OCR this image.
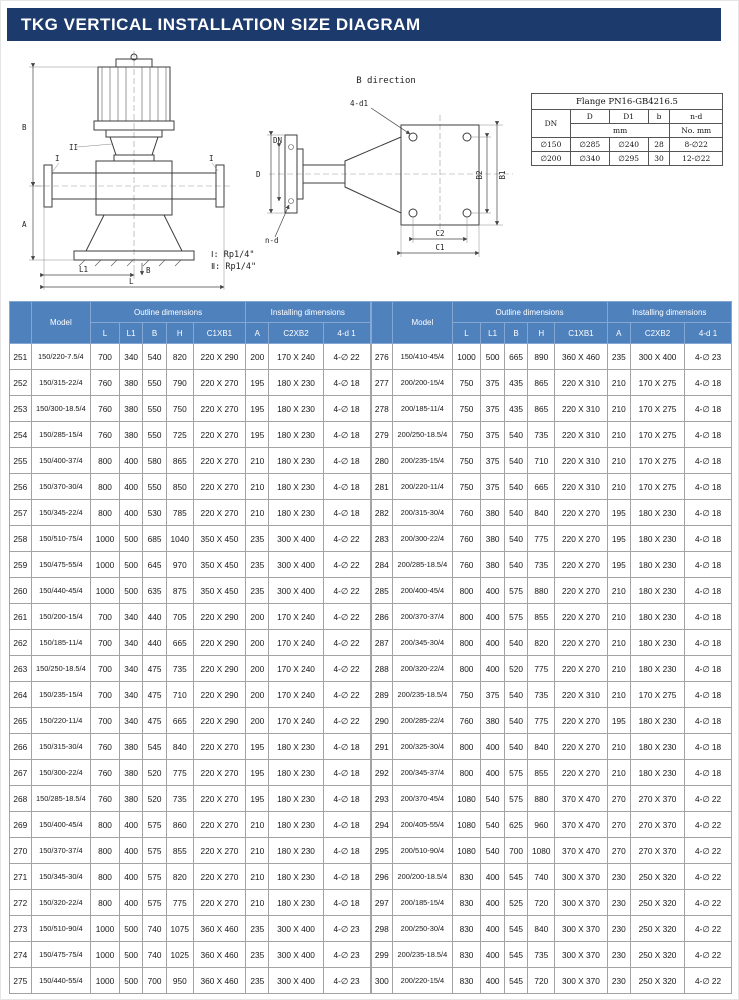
TKG VERTICAL INSTALLATION SIZE DIAGRAM
II
I	I
B
A
L1
L
B
B direction
4-d1
D
DN
B1
B2
C2
C1
n-d
Ⅰ: Rp1/4"
Ⅱ: Rp1/4"
Flange PN16-GB4216.5				
DN	D	D1	b	n-d
	mm			No. mm
∅150	∅285	∅240	28	8-∅22
∅200	∅340	∅295	30	12-∅22
	Model	Outline dimensions					Installing dimensions		
		L	L1	B	H	C1XB1	A	C2XB2	4-d 1
251	150/220-7.5/4	700	340	540	820	220 X 290	200	170 X 240	4-∅ 22
252	150/315-22/4	760	380	550	790	220 X 270	195	180 X 230	4-∅ 18
253	150/300-18.5/4	760	380	550	750	220 X 270	195	180 X 230	4-∅ 18
254	150/285-15/4	760	380	550	725	220 X 270	195	180 X 230	4-∅ 18
255	150/400-37/4	800	400	580	865	220 X 270	210	180 X 230	4-∅ 18
256	150/370-30/4	800	400	550	850	220 X 270	210	180 X 230	4-∅ 18
257	150/345-22/4	800	400	530	785	220 X 270	210	180 X 230	4-∅ 18
258	150/510-75/4	1000	500	685	1040	350 X 450	235	300 X 400	4-∅ 22
259	150/475-55/4	1000	500	645	970	350 X 450	235	300 X 400	4-∅ 22
260	150/440-45/4	1000	500	635	875	350 X 450	235	300 X 400	4-∅ 22
261	150/200-15/4	700	340	440	705	220 X 290	200	170 X 240	4-∅ 22
262	150/185-11/4	700	340	440	665	220 X 290	200	170 X 240	4-∅ 22
263	150/250-18.5/4	700	340	475	735	220 X 290	200	170 X 240	4-∅ 22
264	150/235-15/4	700	340	475	710	220 X 290	200	170 X 240	4-∅ 22
265	150/220-11/4	700	340	475	665	220 X 290	200	170 X 240	4-∅ 22
266	150/315-30/4	760	380	545	840	220 X 270	195	180 X 230	4-∅ 18
267	150/300-22/4	760	380	520	775	220 X 270	195	180 X 230	4-∅ 18
268	150/285-18.5/4	760	380	520	735	220 X 270	195	180 X 230	4-∅ 18
269	150/400-45/4	800	400	575	860	220 X 270	210	180 X 230	4-∅ 18
270	150/370-37/4	800	400	575	855	220 X 270	210	180 X 230	4-∅ 18
271	150/345-30/4	800	400	575	820	220 X 270	210	180 X 230	4-∅ 18
272	150/320-22/4	800	400	575	775	220 X 270	210	180 X 230	4-∅ 18
273	150/510-90/4	1000	500	740	1075	360 X 460	235	300 X 400	4-∅ 23
274	150/475-75/4	1000	500	740	1025	360 X 460	235	300 X 400	4-∅ 23
275	150/440-55/4	1000	500	700	950	360 X 460	235	300 X 400	4-∅ 23
	Model	Outline dimensions					Installing dimensions		
		L	L1	B	H	C1XB1	A	C2XB2	4-d 1
276	150/410-45/4	1000	500	665	890	360 X 460	235	300 X 400	4-∅ 23
277	200/200-15/4	750	375	435	865	220 X 310	210	170 X 275	4-∅ 18
278	200/185-11/4	750	375	435	865	220 X 310	210	170 X 275	4-∅ 18
279	200/250-18.5/4	750	375	540	735	220 X 310	210	170 X 275	4-∅ 18
280	200/235-15/4	750	375	540	710	220 X 310	210	170 X 275	4-∅ 18
281	200/220-11/4	750	375	540	665	220 X 310	210	170 X 275	4-∅ 18
282	200/315-30/4	760	380	540	840	220 X 270	195	180 X 230	4-∅ 18
283	200/300-22/4	760	380	540	775	220 X 270	195	180 X 230	4-∅ 18
284	200/285-18.5/4	760	380	540	735	220 X 270	195	180 X 230	4-∅ 18
285	200/400-45/4	800	400	575	880	220 X 270	210	180 X 230	4-∅ 18
286	200/370-37/4	800	400	575	855	220 X 270	210	180 X 230	4-∅ 18
287	200/345-30/4	800	400	540	820	220 X 270	210	180 X 230	4-∅ 18
288	200/320-22/4	800	400	520	775	220 X 270	210	180 X 230	4-∅ 18
289	200/235-18.5/4	750	375	540	735	220 X 310	210	170 X 275	4-∅ 18
290	200/285-22/4	760	380	540	775	220 X 270	195	180 X 230	4-∅ 18
291	200/325-30/4	800	400	540	840	220 X 270	210	180 X 230	4-∅ 18
292	200/345-37/4	800	400	575	855	220 X 270	210	180 X 230	4-∅ 18
293	200/370-45/4	1080	540	575	880	370 X 470	270	270 X 370	4-∅ 22
294	200/405-55/4	1080	540	625	960	370 X 470	270	270 X 370	4-∅ 22
295	200/510-90/4	1080	540	700	1080	370 X 470	270	270 X 370	4-∅ 22
296	200/200-18.5/4	830	400	545	740	300 X 370	230	250 X 320	4-∅ 22
297	200/185-15/4	830	400	525	720	300 X 370	230	250 X 320	4-∅ 22
298	200/250-30/4	830	400	545	840	300 X 370	230	250 X 320	4-∅ 22
299	200/235-18.5/4	830	400	545	735	300 X 370	230	250 X 320	4-∅ 22
300	200/220-15/4	830	400	545	720	300 X 370	230	250 X 320	4-∅ 22
